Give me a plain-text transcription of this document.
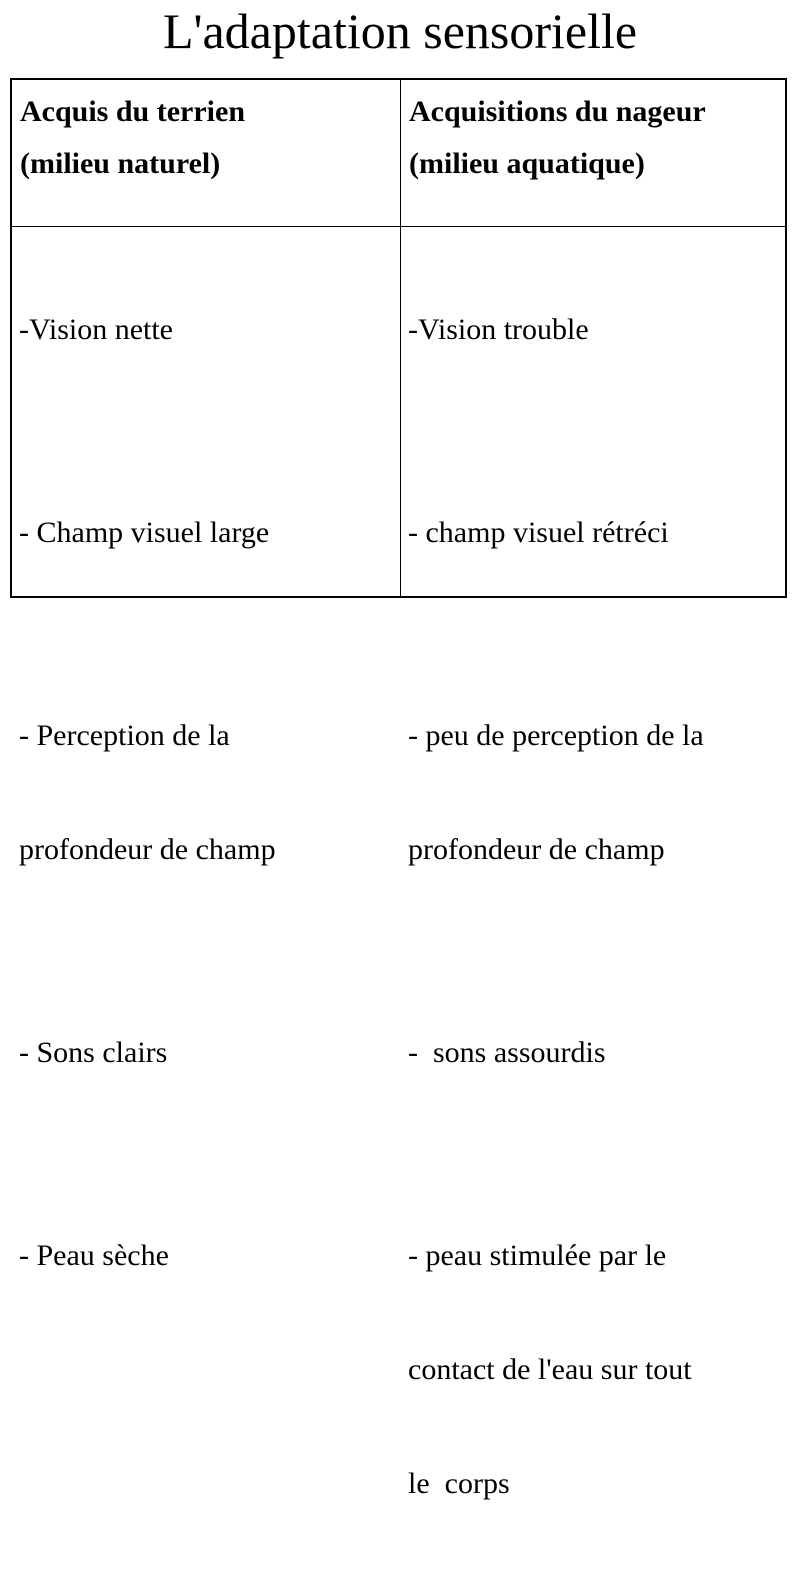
L'adaptation sensorielle
Acquis du terrien
(milieu naturel)
Acquisitions du nageur
(milieu aquatique)

-Vision nette

- Champ visuel large

- Perception de la

profondeur de champ

- Sons clairs

- Peau sèche

-Vision trouble

- champ visuel rétréci

- peu de perception de la

profondeur de champ

-  sons assourdis

- peau stimulée par le

contact de l'eau sur tout

le  corps
